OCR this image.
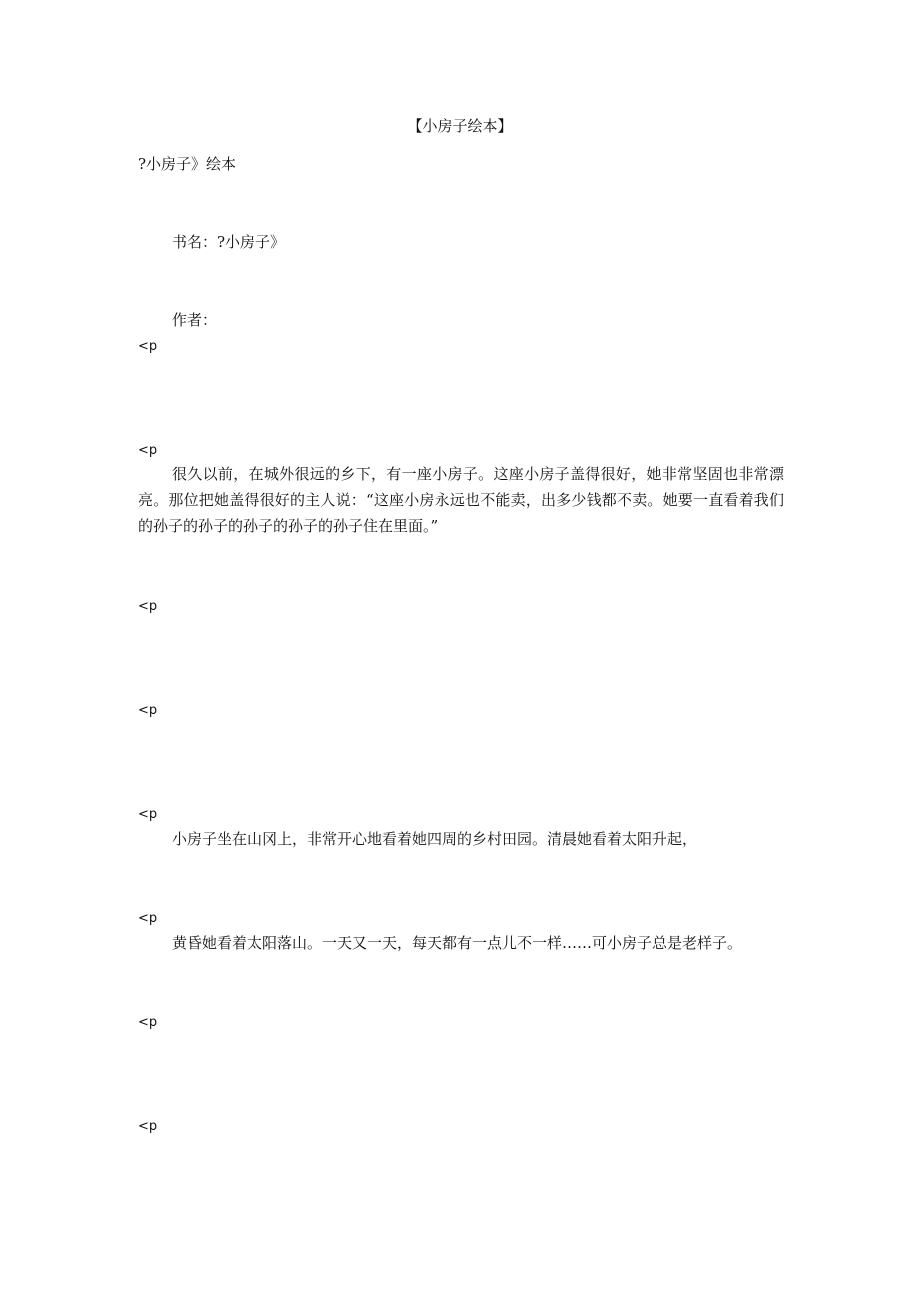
【小房子绘本】
?小房子》绘本
书名：?小房子》
作者：
<p
<p
很久以前，在城外很远的乡下，有一座小房子。这座小房子盖得很好，她非常坚固也非常漂亮。那位把她盖得很好的主人说：“这座小房永远也不能卖，出多少钱都不卖。她要一直看着我们的孙子的孙子的孙子的孙子的孙子住在里面。”
<p
<p
<p
小房子坐在山冈上，非常开心地看着她四周的乡村田园。清晨她看着太阳升起，
<p
黄昏她看着太阳落山。一天又一天，每天都有一点儿不一样……可小房子总是老样子。
<p
<p
